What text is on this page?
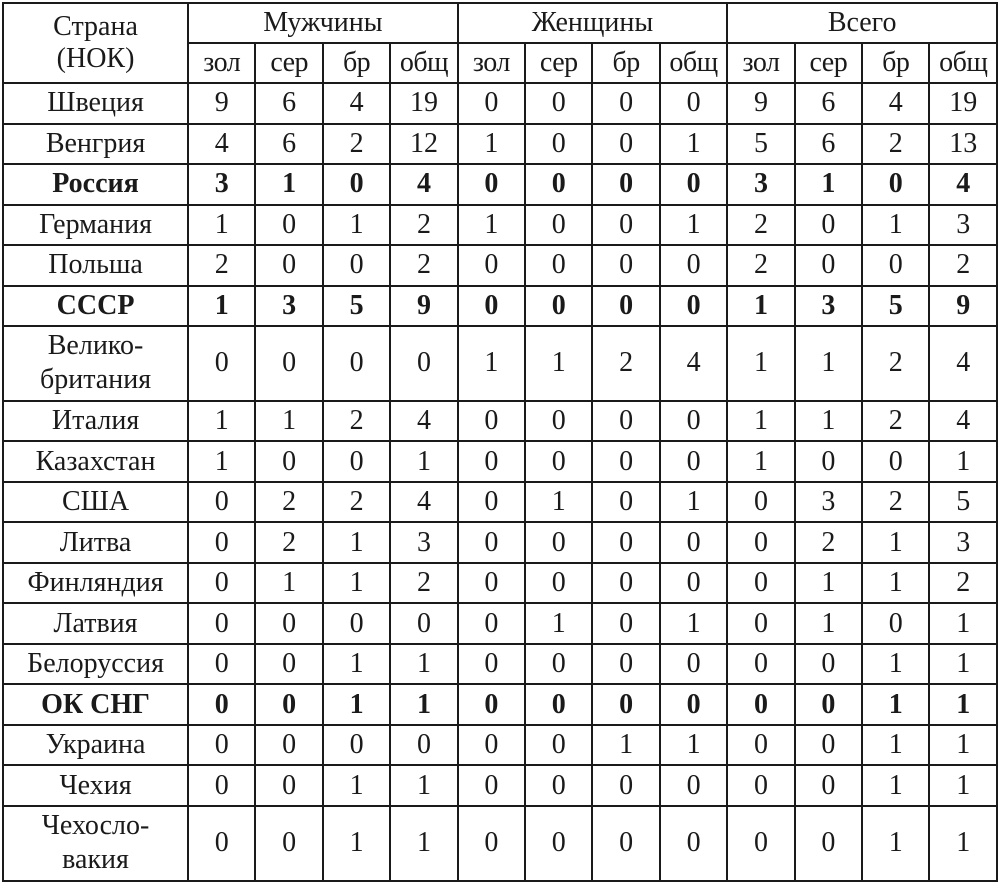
Страна
(НОК)	Мужчины				Женщины				Всего			
	зол	сер	бр	общ	зол	сер	бр	общ	зол	сер	бр	общ
Швеция	9	6	4	19	0	0	0	0	9	6	4	19
Венгрия	4	6	2	12	1	0	0	1	5	6	2	13
Россия	3	1	0	4	0	0	0	0	3	1	0	4
Германия	1	0	1	2	1	0	0	1	2	0	1	3
Польша	2	0	0	2	0	0	0	0	2	0	0	2
СССР	1	3	5	9	0	0	0	0	1	3	5	9
Велико-
британия	0	0	0	0	1	1	2	4	1	1	2	4
Италия	1	1	2	4	0	0	0	0	1	1	2	4
Казахстан	1	0	0	1	0	0	0	0	1	0	0	1
США	0	2	2	4	0	1	0	1	0	3	2	5
Литва	0	2	1	3	0	0	0	0	0	2	1	3
Финляндия	0	1	1	2	0	0	0	0	0	1	1	2
Латвия	0	0	0	0	0	1	0	1	0	1	0	1
Белоруссия	0	0	1	1	0	0	0	0	0	0	1	1
ОК СНГ	0	0	1	1	0	0	0	0	0	0	1	1
Украина	0	0	0	0	0	0	1	1	0	0	1	1
Чехия	0	0	1	1	0	0	0	0	0	0	1	1
Чехосло-
вакия	0	0	1	1	0	0	0	0	0	0	1	1
